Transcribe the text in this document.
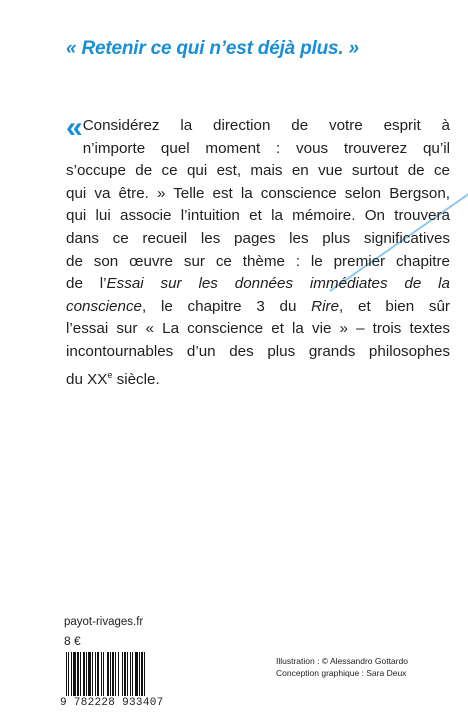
« Retenir ce qui n’est déjà plus. »
« Considérez la direction de votre esprit à
n’importe quel moment : vous trouverez qu’il
s’occupe de ce qui est, mais en vue surtout de ce
qui va être. » Telle est la conscience selon Bergson,
qui lui associe l’intuition et la mémoire. On trouvera
dans ce recueil les pages les plus significatives
de son œuvre sur ce thème : le premier chapitre
de l’Essai sur les données immédiates de la
conscience, le chapitre 3 du Rire, et bien sûr
l’essai sur « La conscience et la vie » – trois textes
incontournables d’un des plus grands philosophes
du XXe siècle.
payot-rivages.fr
8 €
9 782228 933407
Illustration : © Alessandro Gottardo
Conception graphique : Sara Deux
